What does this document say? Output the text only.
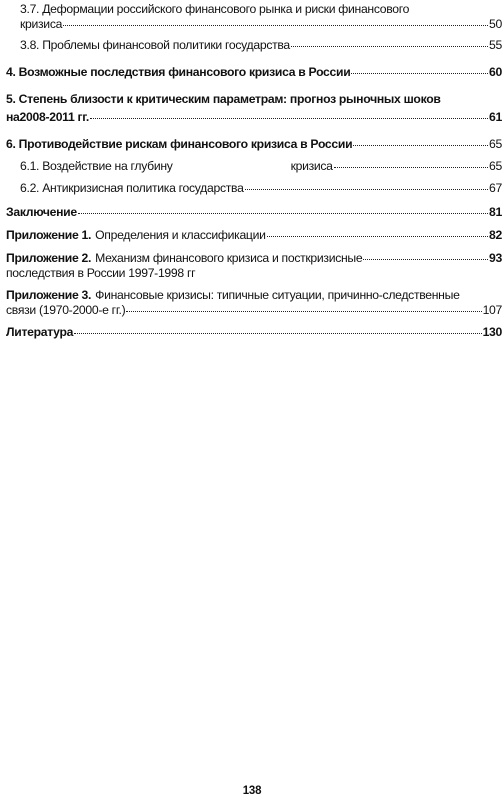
3.7. Деформации российского финансового рынка и риски финансового
кризиса	50
3.8. Проблемы финансовой политики государства	55
4. Возможные последствия финансового кризиса в России	60
5. Степень близости к критическим параметрам: прогноз рыночных шоков
на2008-2011 гг.	61
6. Противодействие рискам финансового кризиса в России	65
6.1. Воздействие на глубину	кризиса	65
6.2. Антикризисная политика государства	67
Заключение	81
Приложение 1. Определения и классификации	82
Приложение 2. Механизм финансового кризиса и посткризисные	93
последствия в России 1997-1998 гг
Приложение 3. Финансовые кризисы: типичные ситуации, причинно-следственные
связи (1970-2000-е гг.)	107
Литература	130
138
